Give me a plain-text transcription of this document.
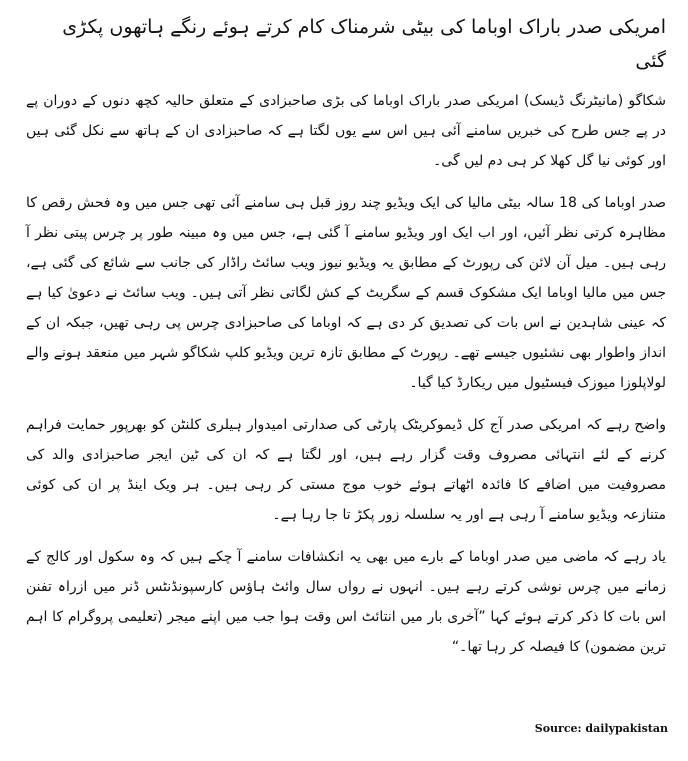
امریکی صدر باراک اوباما کی بیٹی شرمناک کام کرتے ہوئے رنگے ہاتھوں پکڑی گئی

شکاگو (مانیٹرنگ ڈیسک) امریکی صدر باراک اوباما کی بڑی صاحبزادی کے متعلق حالیہ کچھ دنوں کے دوران پے در پے جس طرح کی خبریں سامنے آئی ہیں اس سے یوں لگتا ہے کہ صاحبزادی ان کے ہاتھ سے نکل گئی ہیں اور کوئی نیا گل کھلا کر ہی دم لیں گی۔

صدر اوباما کی 18 سالہ بیٹی مالیا کی ایک ویڈیو چند روز قبل ہی سامنے آئی تھی جس میں وہ فحش رقص کا مظاہرہ کرتی نظر آئیں، اور اب ایک اور ویڈیو سامنے آ گئی ہے، جس میں وہ مبینہ طور پر چرس پیتی نظر آ رہی ہیں۔ میل آن لائن کی رپورٹ کے مطابق یہ ویڈیو نیوز ویب سائٹ راڈار کی جانب سے شائع کی گئی ہے، جس میں مالیا اوباما ایک مشکوک قسم کے سگریٹ کے کش لگاتی نظر آتی ہیں۔ ویب سائٹ نے دعویٰ کیا ہے کہ عینی شاہدین نے اس بات کی تصدیق کر دی ہے کہ اوباما کی صاحبزادی چرس پی رہی تھیں، جبکہ ان کے انداز واطوار بھی نشئیوں جیسے تھے۔ رپورٹ کے مطابق تازہ ترین ویڈیو کلپ شکاگو شہر میں منعقد ہونے والے لولاپلوزا میوزک فیسٹیول میں ریکارڈ کیا گیا۔

واضح رہے کہ امریکی صدر آج کل ڈیموکریٹک پارٹی کی صدارتی امیدوار ہیلری کلنٹن کو بھرپور حمایت فراہم کرنے کے لئے انتہائی مصروف وقت گزار رہے ہیں، اور لگتا ہے کہ ان کی ٹین ایجر صاحبزادی والد کی مصروفیت میں اضافے کا فائدہ اٹھاتے ہوئے خوب موج مستی کر رہی ہیں۔ ہر ویک اینڈ پر ان کی کوئی متنازعہ ویڈیو سامنے آ رہی ہے اور یہ سلسلہ زور پکڑ تا جا رہا ہے۔

یاد رہے کہ ماضی میں صدر اوباما کے بارے میں بھی یہ انکشافات سامنے آ چکے ہیں کہ وہ سکول اور کالج کے زمانے میں چرس نوشی کرتے رہے ہیں۔ انہوں نے رواں سال وائٹ ہاؤس کارسپونڈنٹس ڈنر میں ازراہ تفنن اس بات کا ذکر کرتے ہوئے کہا ”آخری بار میں انتائٹ اس وقت ہوا جب میں اپنے میجر (تعلیمی پروگرام کا اہم ترین مضمون) کا فیصلہ کر رہا تھا۔“

Source: dailypakistan
